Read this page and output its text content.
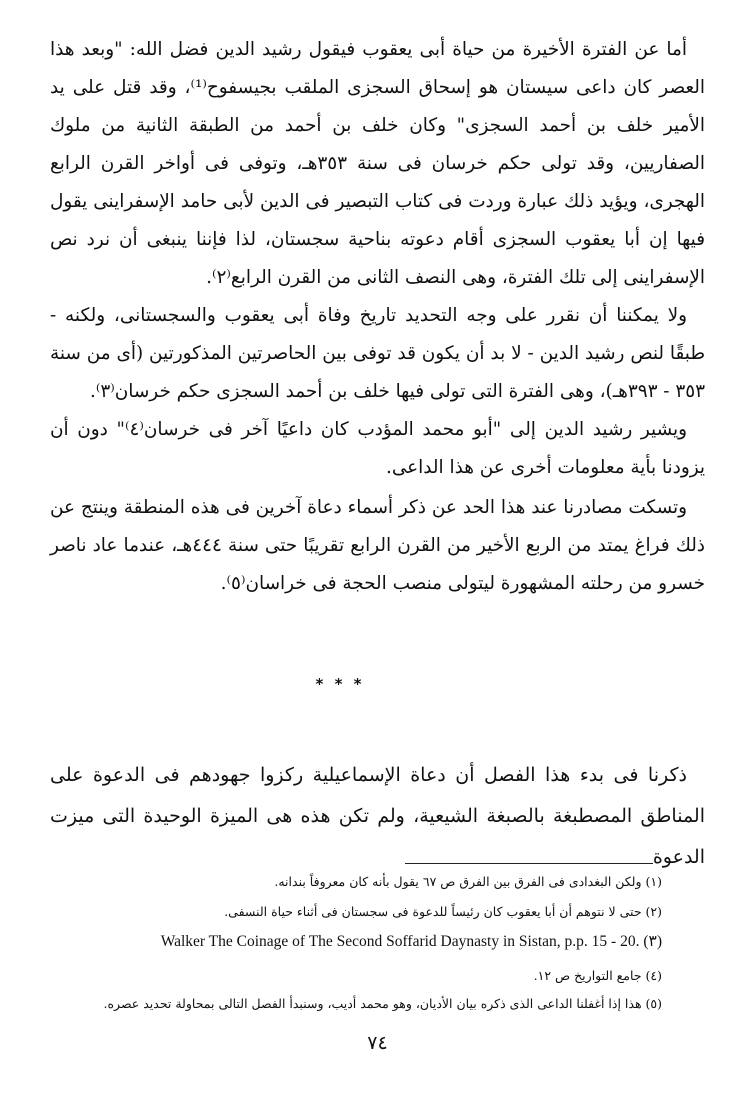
أما عن الفترة الأخيرة من حياة أبى يعقوب فيقول رشيد الدين فضل الله: "وبعد هذا العصر كان داعى سيستان هو إسحاق السجزى الملقب بجيسفوح⁽¹⁾، وقد قتل على يد الأمير خلف بن أحمد السجزى" وكان خلف بن أحمد من الطبقة الثانية من ملوك الصفاريين، وقد تولى حكم خرسان فى سنة ٣٥٣هـ، وتوفى فى أواخر القرن الرابع الهجرى، ويؤيد ذلك عبارة وردت فى كتاب التبصير فى الدين لأبى حامد الإسفراينى يقول فيها إن أبا يعقوب السجزى أقام دعوته بناحية سجستان، لذا فإننا ينبغى أن نرد نص الإسفراينى إلى تلك الفترة، وهى النصف الثانى من القرن الرابع⁽٢⁾.

ولا يمكننا أن نقرر على وجه التحديد تاريخ وفاة أبى يعقوب والسجستانى، ولكنه - طبقًا لنص رشيد الدين - لا بد أن يكون قد توفى بين الحاصرتين المذكورتين (أى من سنة ٣٥٣ - ٣٩٣هـ)، وهى الفترة التى تولى فيها خلف بن أحمد السجزى حكم خرسان⁽٣⁾.

ويشير رشيد الدين إلى "أبو محمد المؤدب كان داعيًا آخر فى خرسان⁽٤⁾" دون أن يزودنا بأية معلومات أخرى عن هذا الداعى.

وتسكت مصادرنا عند هذا الحد عن ذكر أسماء دعاة آخرين فى هذه المنطقة وينتج عن ذلك فراغ يمتد من الربع الأخير من القرن الرابع تقريبًا حتى سنة ٤٤٤هـ، عندما عاد ناصر خسرو من رحلته المشهورة ليتولى منصب الحجة فى خراسان⁽٥⁾.

* * *

ذكرنا فى بدء هذا الفصل أن دعاة الإسماعيلية ركزوا جهودهم فى الدعوة على المناطق المصطبغة بالصبغة الشيعية، ولم تكن هذه هى الميزة الوحيدة التى ميزت الدعوة

(١) ولكن البغدادى فى الفرق بين الفرق ص ٦٧ يقول بأنه كان معروفاً بندانه.
(٢) حتى لا نتوهم أن أبا يعقوب كان رئيساً للدعوة فى سجستان فى أثناء حياة النسفى.
Walker The Coinage of The Second Soffarid Daynasty in Sistan, p.p. 15 - 20. (٣)
(٤) جامع التواريخ ص ١٢.
(٥) هذا إذا أغفلنا الداعى الذى ذكره بيان الأديان، وهو محمد أديب، وسنبدأ الفصل التالى بمحاولة تحديد عصره.
٧٤
